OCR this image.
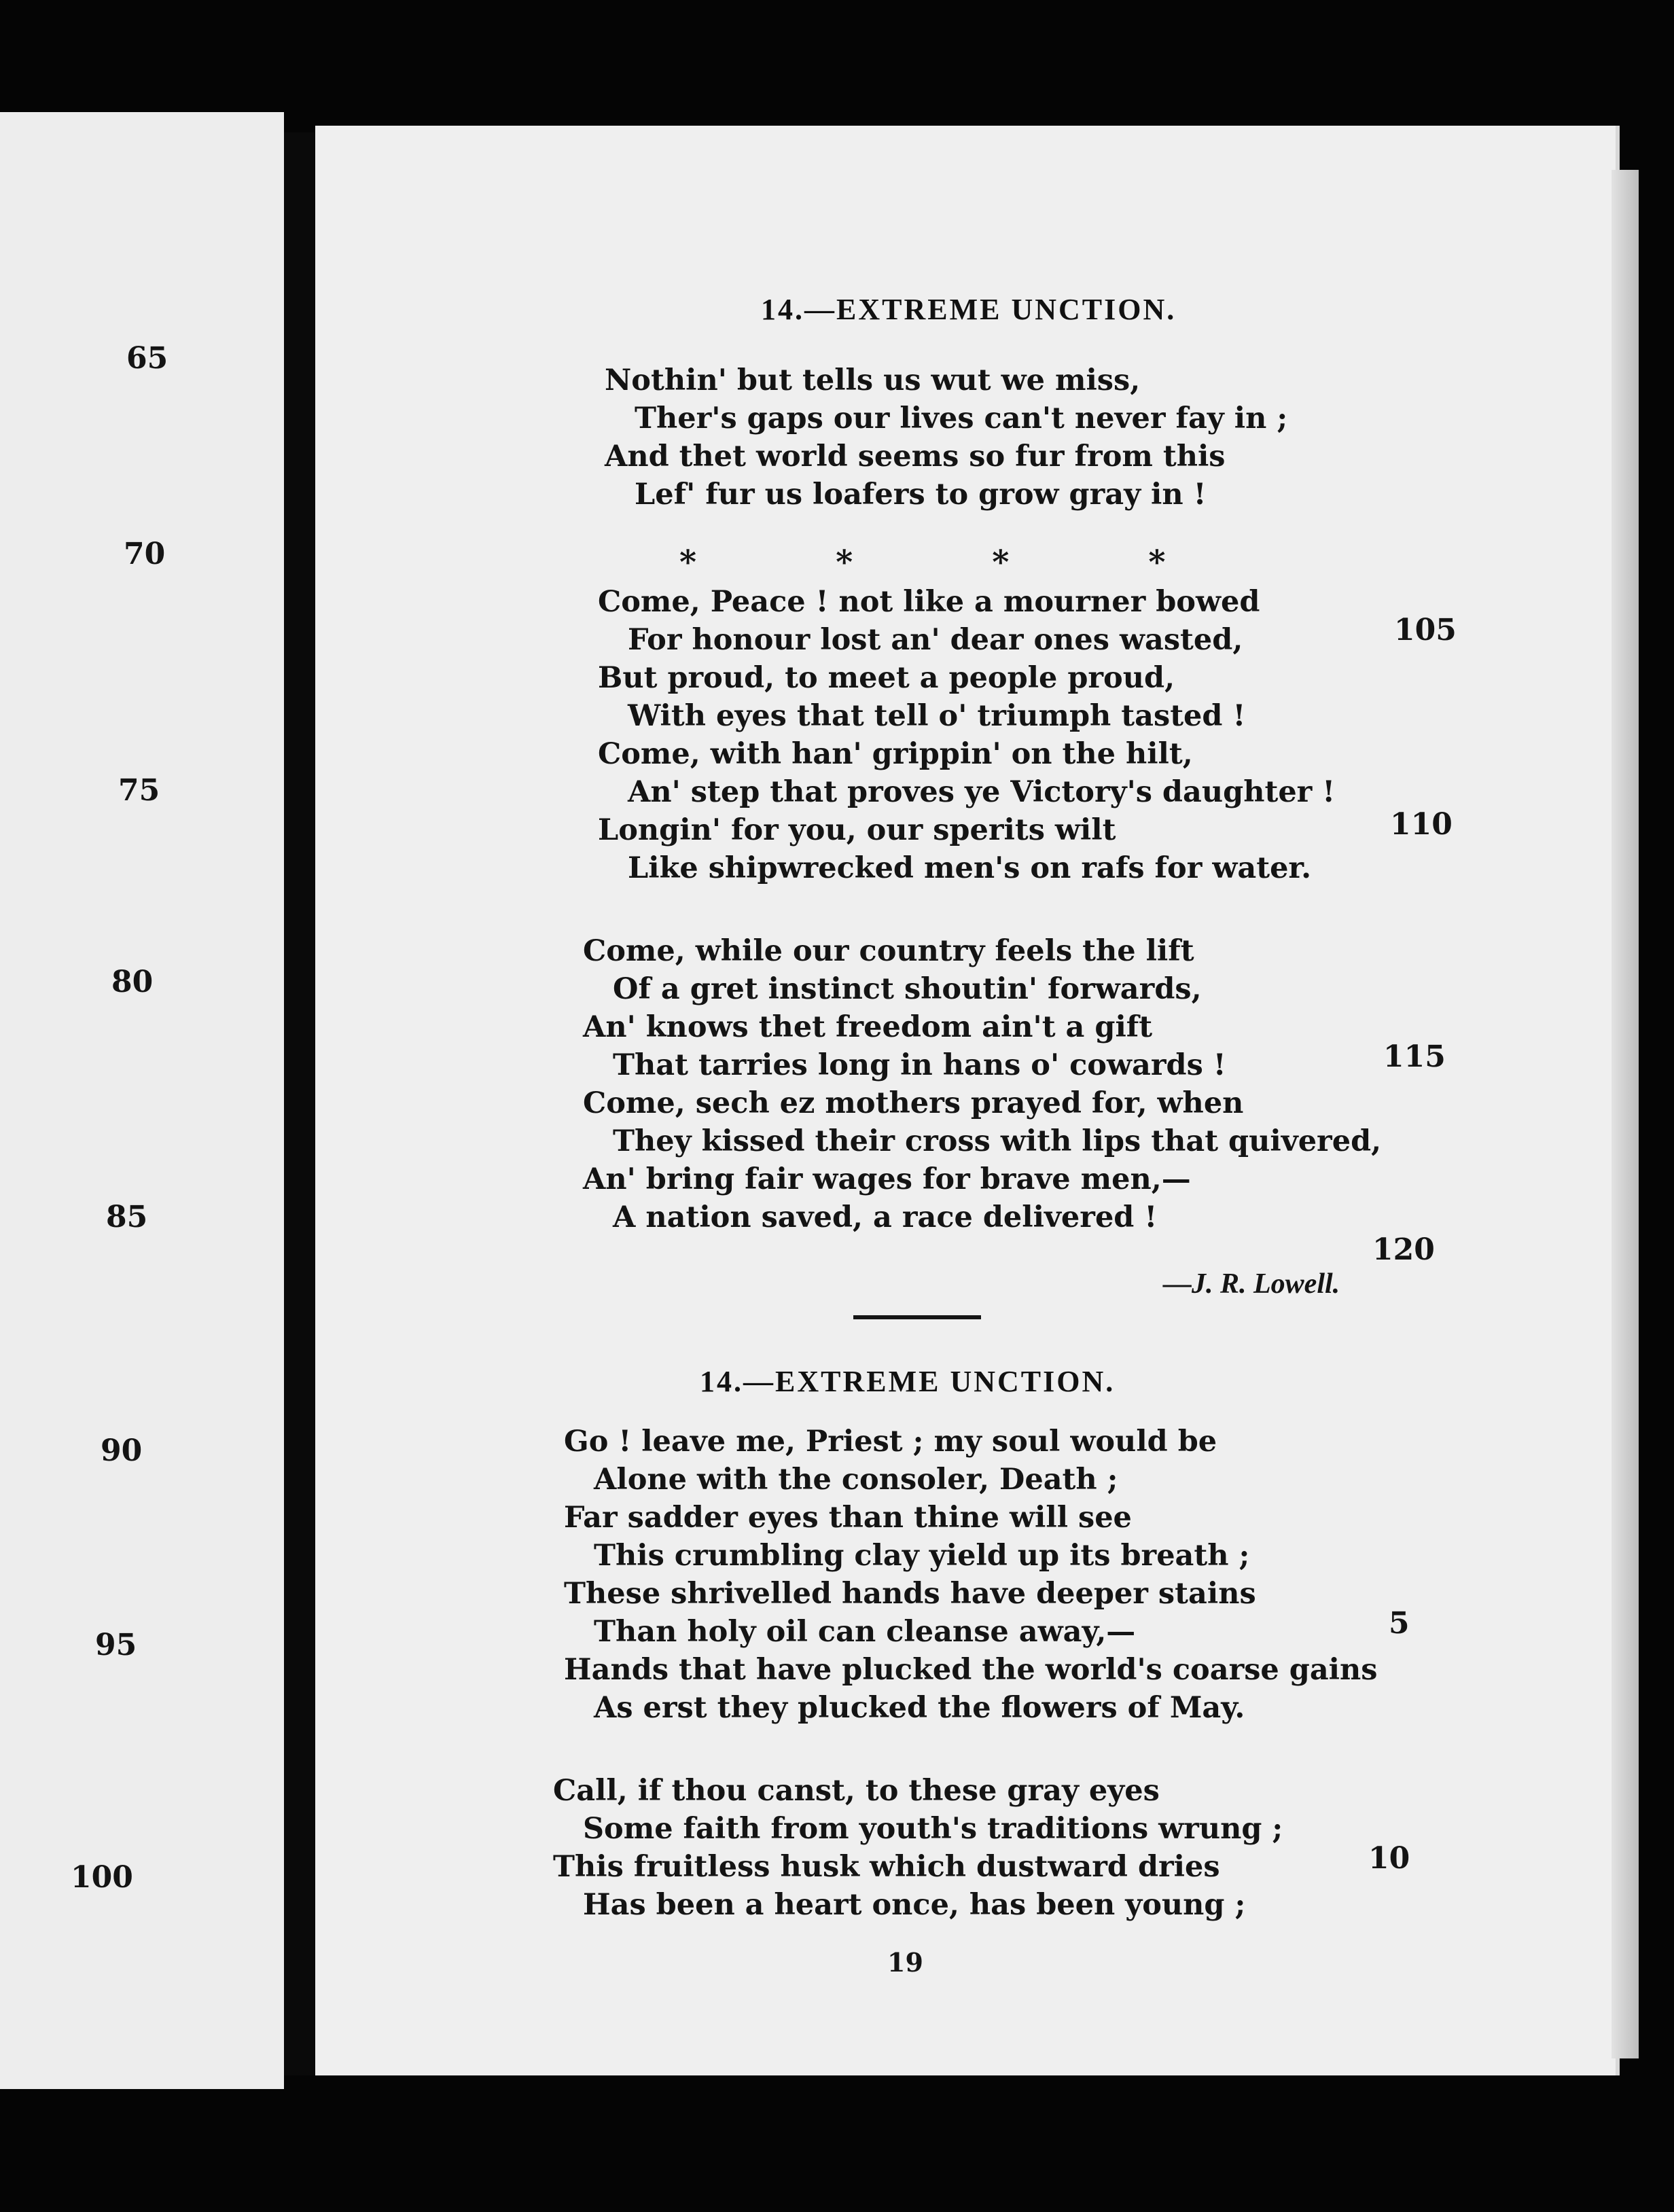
65
70
75
80
85
90
95
100
14.—EXTREME UNCTION.
Nothin' but tells us wut we miss,
Ther's gaps our lives can't never fay in ;
And thet world seems so fur from this
Lef' fur us loafers to grow gray in !
*	*	*	*
Come, Peace ! not like a mourner bowed
For honour lost an' dear ones wasted,
But proud, to meet a people proud,
With eyes that tell o' triumph tasted !
Come, with han' grippin' on the hilt,
An' step that proves ye Victory's daughter !
Longin' for you, our sperits wilt
Like shipwrecked men's on rafs for water.
Come, while our country feels the lift
Of a gret instinct shoutin' forwards,
An' knows thet freedom ain't a gift
That tarries long in hans o' cowards !
Come, sech ez mothers prayed for, when
They kissed their cross with lips that quivered,
An' bring fair wages for brave men,—
A nation saved, a race delivered !
105
110
115
120
—J. R. Lowell.
14.—EXTREME UNCTION.
Go ! leave me, Priest ; my soul would be
Alone with the consoler, Death ;
Far sadder eyes than thine will see
This crumbling clay yield up its breath ;
These shrivelled hands have deeper stains
Than holy oil can cleanse away,—
Hands that have plucked the world's coarse gains
As erst they plucked the flowers of May.
Call, if thou canst, to these gray eyes
Some faith from youth's traditions wrung ;
This fruitless husk which dustward dries
Has been a heart once, has been young ;
5
10
19
